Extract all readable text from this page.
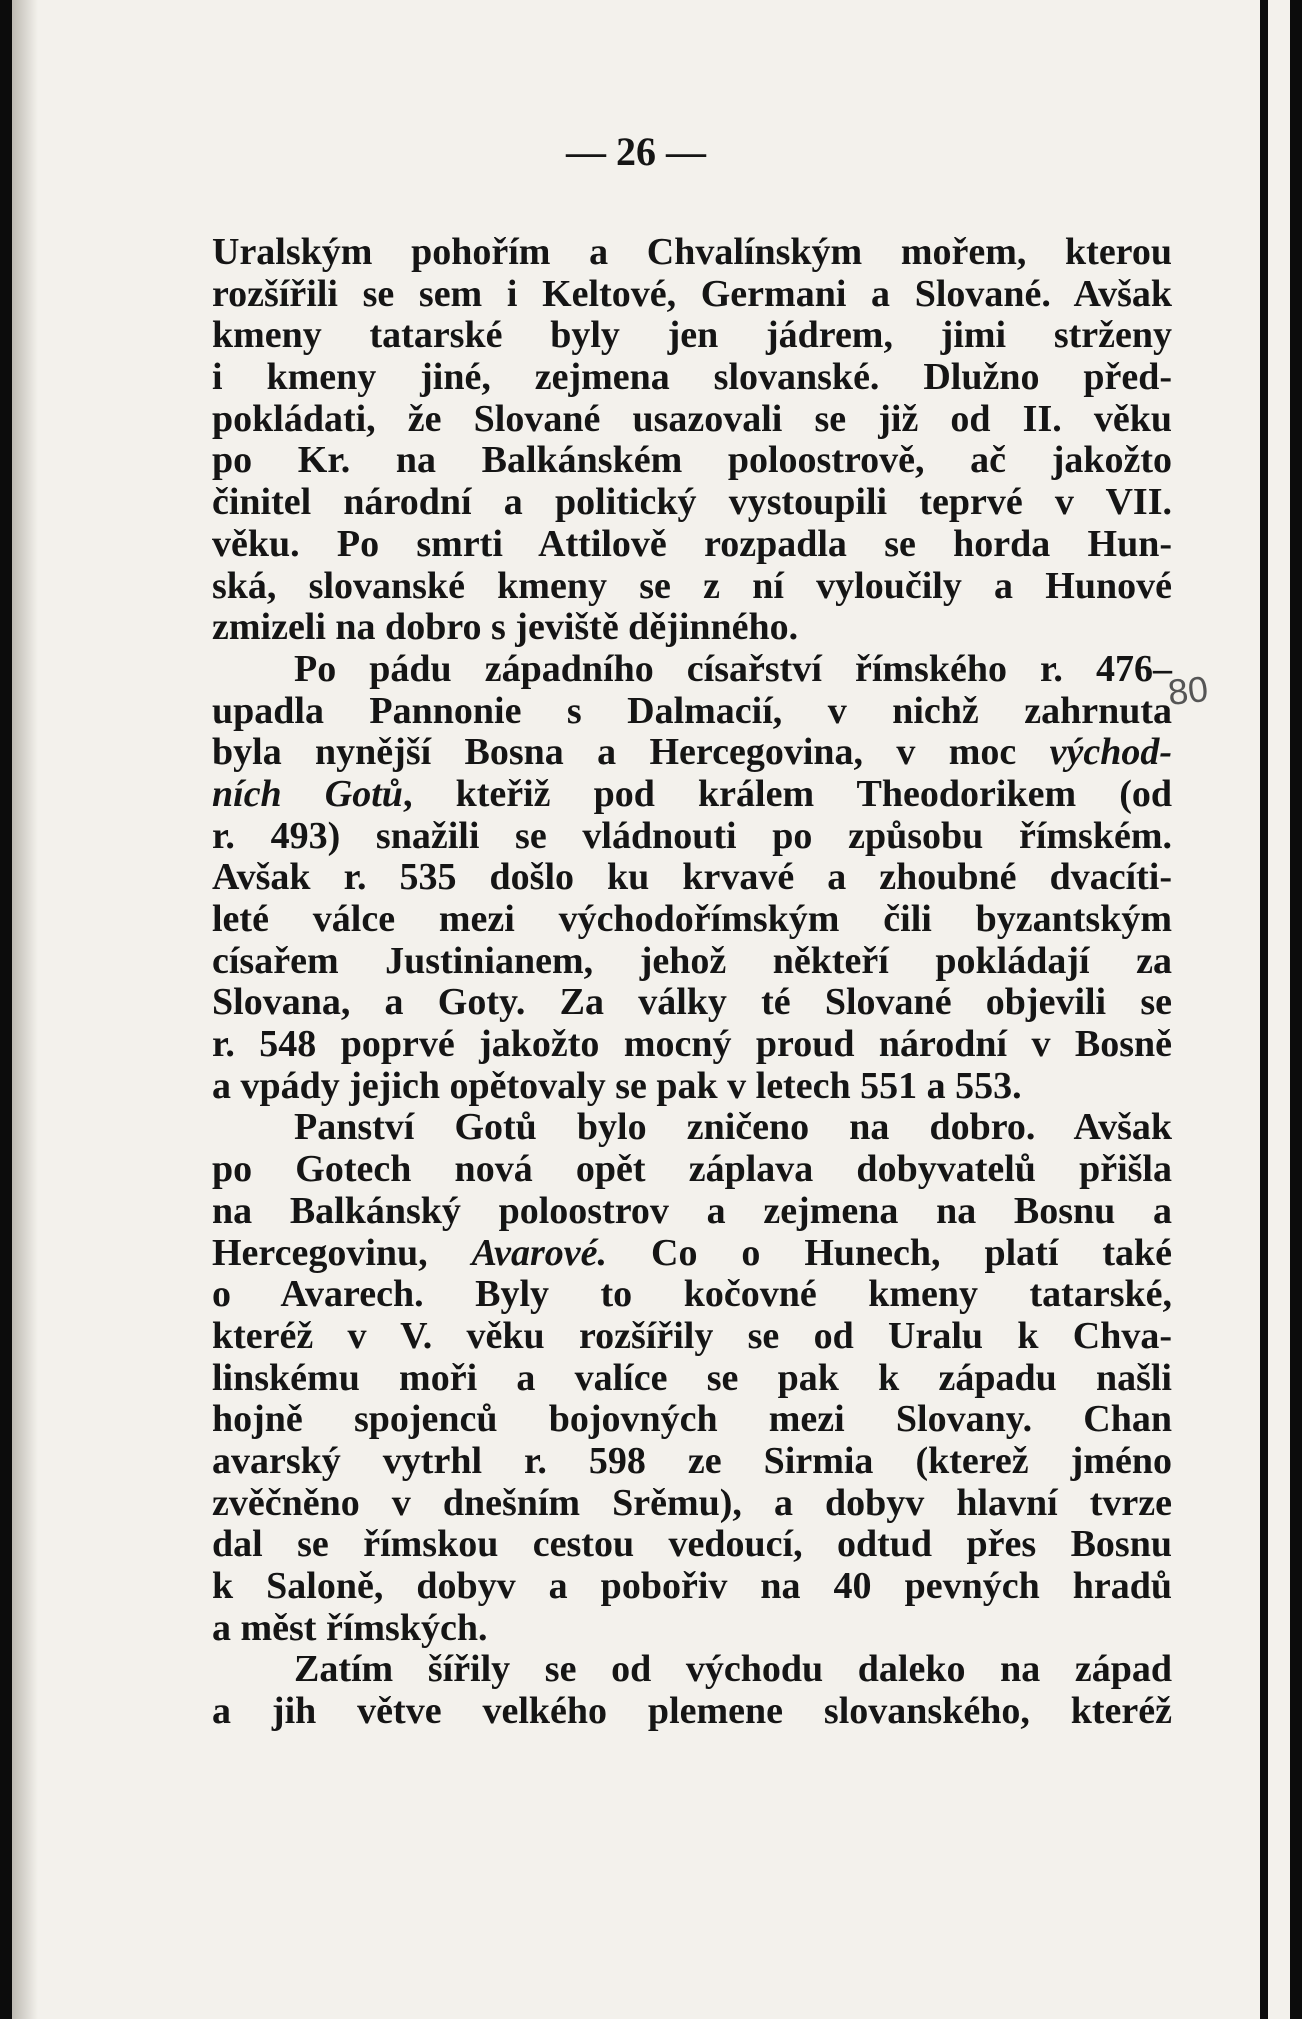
— 26 —
Uralským pohořím a Chvalínským mořem, kterou
rozšířili se sem i Keltové, Germani a Slované. Avšak
kmeny tatarské byly jen jádrem, jimi strženy
i kmeny jiné, zejmena slovanské. Dlužno před-
pokládati, že Slované usazovali se již od II. věku
po Kr. na Balkánském poloostrově, ač jakožto
činitel národní a politický vystoupili teprvé v VII.
věku. Po smrti Attilově rozpadla se horda Hun-
ská, slovanské kmeny se z ní vyloučily a Hunové
zmizeli na dobro s jeviště dějinného.
Po pádu západního císařství římského r. 476–
upadla Pannonie s Dalmacií, v nichž zahrnuta
byla nynější Bosna a Hercegovina, v moc východ-
ních Gotů, kteřiž pod králem Theodorikem (od
r. 493) snažili se vládnouti po způsobu římském.
Avšak r. 535 došlo ku krvavé a zhoubné dvacíti-
leté válce mezi východořímským čili byzantským
císařem Justinianem, jehož někteří pokládají za
Slovana, a Goty. Za války té Slované objevili se
r. 548 poprvé jakožto mocný proud národní v Bosně
a vpády jejich opětovaly se pak v letech 551 a 553.
Panství Gotů bylo zničeno na dobro. Avšak
po Gotech nová opět záplava dobyvatelů přišla
na Balkánský poloostrov a zejmena na Bosnu a
Hercegovinu, Avarové. Co o Hunech, platí také
o Avarech. Byly to kočovné kmeny tatarské,
kteréž v V. věku rozšířily se od Uralu k Chva-
linskému moři a valíce se pak k západu našli
hojně spojenců bojovných mezi Slovany. Chan
avarský vytrhl r. 598 ze Sirmia (kterež jméno
zvěčněno v dnešním Srěmu), a dobyv hlavní tvrze
dal se římskou cestou vedoucí, odtud přes Bosnu
k Saloně, dobyv a pobořiv na 40 pevných hradů
a měst římských.
Zatím šířily se od východu daleko na západ
a jih větve velkého plemene slovanského, kteréž
80
